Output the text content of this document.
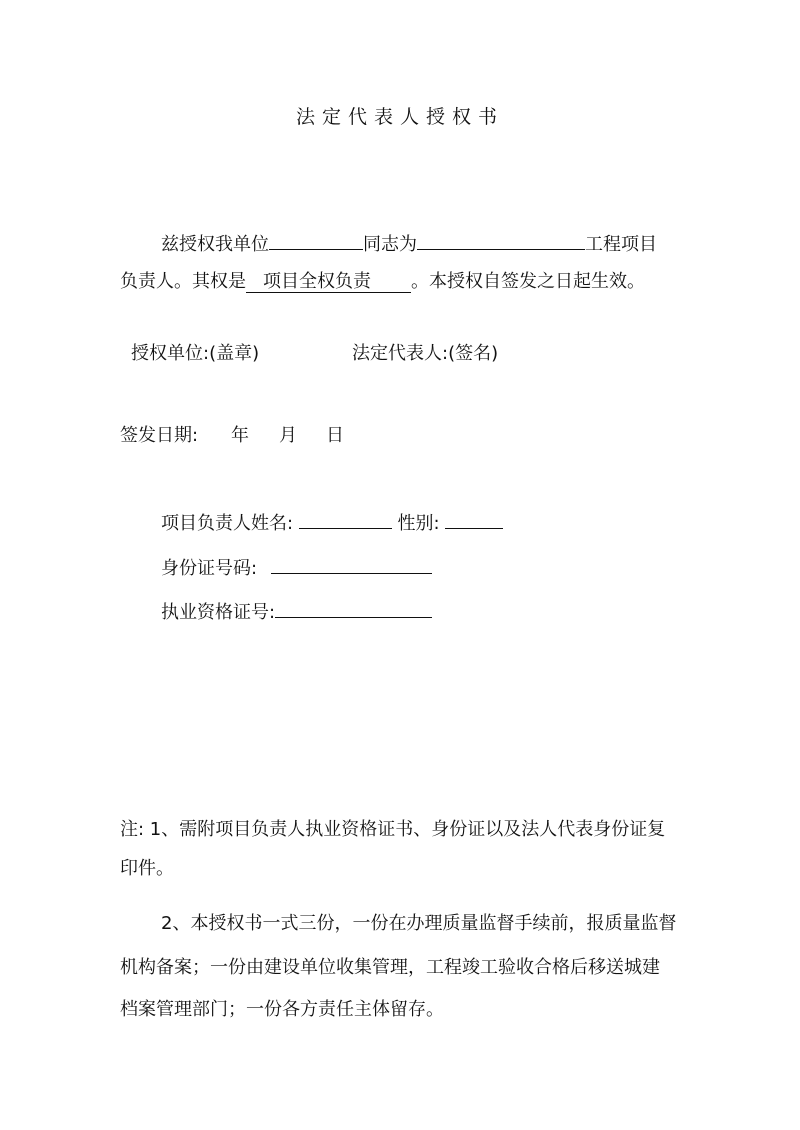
法定代表人授权书
兹授权我单位	同志为	工程项目
负责人。其权是 项目全权负责 。本授权自签发之日起生效。
授权单位:(盖章)	法定代表人:(签名)
签发日期: 年 月 日
项目负责人姓名:	性别:
身份证号码:
执业资格证号:
注: 1、需附项目负责人执业资格证书、身份证以及法人代表身份证复
印件。
2、本授权书一式三份，一份在办理质量监督手续前，报质量监督
机构备案；一份由建设单位收集管理，工程竣工验收合格后移送城建
档案管理部门；一份各方责任主体留存。
